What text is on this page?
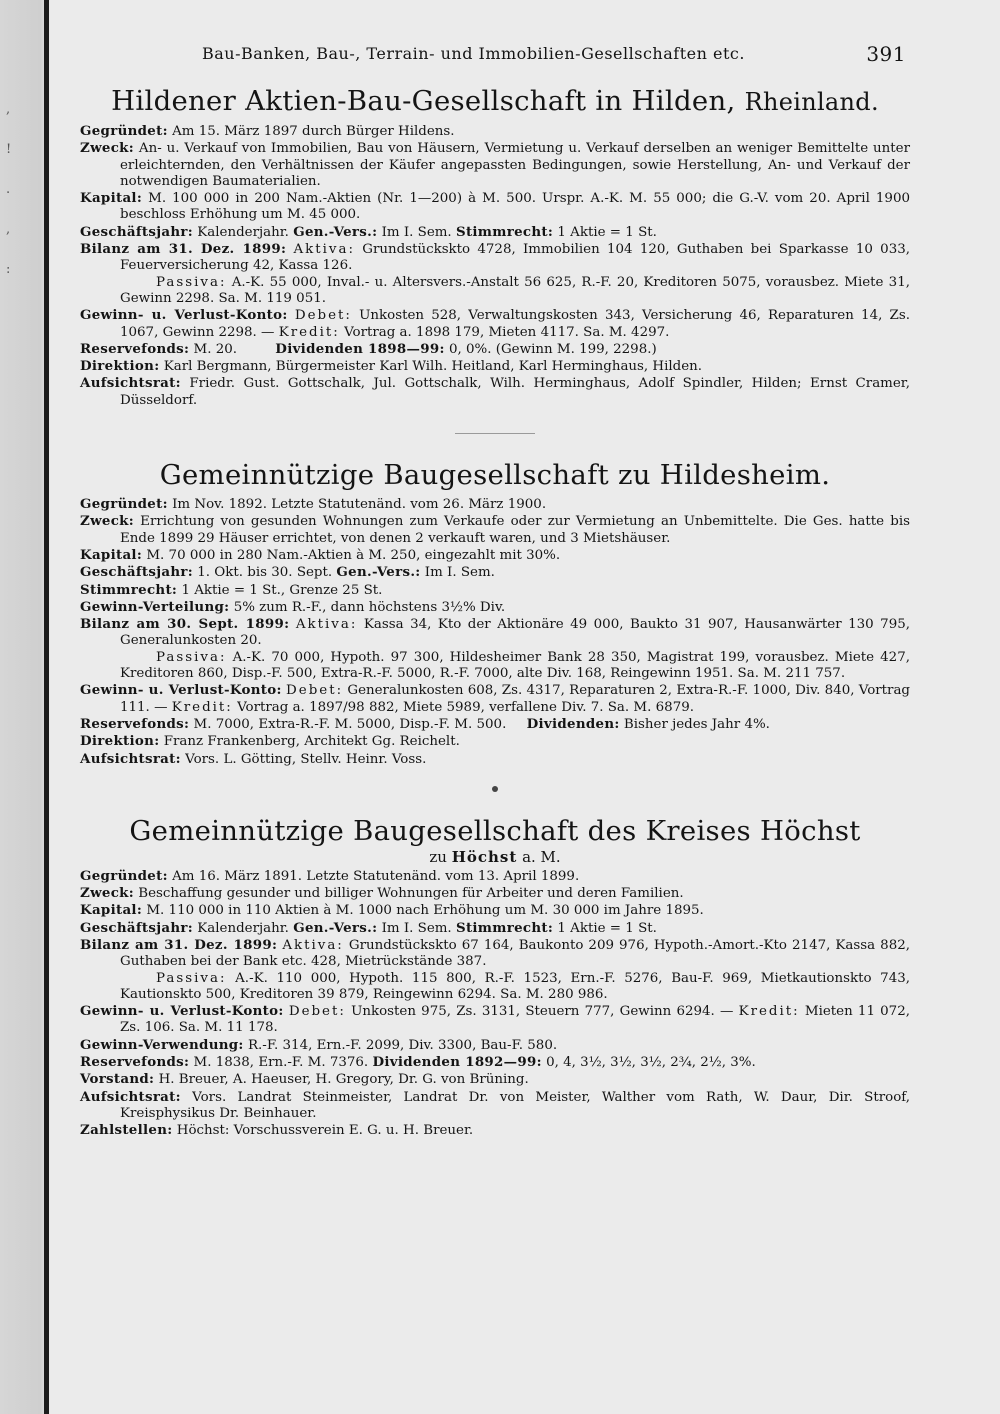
,
!
.
,
:
Bau-Banken, Bau-, Terrain- und Immobilien-Gesellschaften etc.	391
Hildener Aktien-Bau-Gesellschaft in Hilden, Rheinland.
Gegründet: Am 15. März 1897 durch Bürger Hildens.
Zweck: An- u. Verkauf von Immobilien, Bau von Häusern, Vermietung u. Verkauf derselben an weniger Bemittelte unter erleichternden, den Verhältnissen der Käufer angepassten Bedingungen, sowie Herstellung, An- und Verkauf der notwendigen Baumaterialien.
Kapital: M. 100 000 in 200 Nam.-Aktien (Nr. 1—200) à M. 500. Urspr. A.-K. M. 55 000; die G.-V. vom 20. April 1900 beschloss Erhöhung um M. 45 000.
Geschäftsjahr: Kalenderjahr. Gen.-Vers.: Im I. Sem. Stimmrecht: 1 Aktie = 1 St.
Bilanz am 31. Dez. 1899: Aktiva: Grundstückskto 4728, Immobilien 104 120, Guthaben bei Sparkasse 10 033, Feuerversicherung 42, Kassa 126.
Passiva: A.-K. 55 000, Inval.- u. Altersvers.-Anstalt 56 625, R.-F. 20, Kreditoren 5075, vorausbez. Miete 31, Gewinn 2298. Sa. M. 119 051.
Gewinn- u. Verlust-Konto: Debet: Unkosten 528, Verwaltungskosten 343, Versicherung 46, Reparaturen 14, Zs. 1067, Gewinn 2298. — Kredit: Vortrag a. 1898 179, Mieten 4117. Sa. M. 4297.
Reservefonds: M. 20.	Dividenden 1898—99: 0, 0%. (Gewinn M. 199, 2298.)
Direktion: Karl Bergmann, Bürgermeister Karl Wilh. Heitland, Karl Herminghaus, Hilden.
Aufsichtsrat: Friedr. Gust. Gottschalk, Jul. Gottschalk, Wilh. Herminghaus, Adolf Spindler, Hilden; Ernst Cramer, Düsseldorf.
Gemeinnützige Baugesellschaft zu Hildesheim.
Gegründet: Im Nov. 1892. Letzte Statutenänd. vom 26. März 1900.
Zweck: Errichtung von gesunden Wohnungen zum Verkaufe oder zur Vermietung an Unbemittelte. Die Ges. hatte bis Ende 1899 29 Häuser errichtet, von denen 2 verkauft waren, und 3 Mietshäuser.
Kapital: M. 70 000 in 280 Nam.-Aktien à M. 250, eingezahlt mit 30%.
Geschäftsjahr: 1. Okt. bis 30. Sept. Gen.-Vers.: Im I. Sem.
Stimmrecht: 1 Aktie = 1 St., Grenze 25 St.
Gewinn-Verteilung: 5% zum R.-F., dann höchstens 3½% Div.
Bilanz am 30. Sept. 1899: Aktiva: Kassa 34, Kto der Aktionäre 49 000, Baukto 31 907, Hausanwärter 130 795, Generalunkosten 20.
Passiva: A.-K. 70 000, Hypoth. 97 300, Hildesheimer Bank 28 350, Magistrat 199, vorausbez. Miete 427, Kreditoren 860, Disp.-F. 500, Extra-R.-F. 5000, R.-F. 7000, alte Div. 168, Reingewinn 1951. Sa. M. 211 757.
Gewinn- u. Verlust-Konto: Debet: Generalunkosten 608, Zs. 4317, Reparaturen 2, Extra-R.-F. 1000, Div. 840, Vortrag 111. — Kredit: Vortrag a. 1897/98 882, Miete 5989, verfallene Div. 7. Sa. M. 6879.
Reservefonds: M. 7000, Extra-R.-F. M. 5000, Disp.-F. M. 500. Dividenden: Bisher jedes Jahr 4%.
Direktion: Franz Frankenberg, Architekt Gg. Reichelt.
Aufsichtsrat: Vors. L. Götting, Stellv. Heinr. Voss.
Gemeinnützige Baugesellschaft des Kreises Höchst
zu Höchst a. M.
Gegründet: Am 16. März 1891. Letzte Statutenänd. vom 13. April 1899.
Zweck: Beschaffung gesunder und billiger Wohnungen für Arbeiter und deren Familien.
Kapital: M. 110 000 in 110 Aktien à M. 1000 nach Erhöhung um M. 30 000 im Jahre 1895.
Geschäftsjahr: Kalenderjahr. Gen.-Vers.: Im I. Sem. Stimmrecht: 1 Aktie = 1 St.
Bilanz am 31. Dez. 1899: Aktiva: Grundstückskto 67 164, Baukonto 209 976, Hypoth.-Amort.-Kto 2147, Kassa 882, Guthaben bei der Bank etc. 428, Mietrückstände 387.
Passiva: A.-K. 110 000, Hypoth. 115 800, R.-F. 1523, Ern.-F. 5276, Bau-F. 969, Mietkautionskto 743, Kautionskto 500, Kreditoren 39 879, Reingewinn 6294. Sa. M. 280 986.
Gewinn- u. Verlust-Konto: Debet: Unkosten 975, Zs. 3131, Steuern 777, Gewinn 6294. — Kredit: Mieten 11 072, Zs. 106. Sa. M. 11 178.
Gewinn-Verwendung: R.-F. 314, Ern.-F. 2099, Div. 3300, Bau-F. 580.
Reservefonds: M. 1838, Ern.-F. M. 7376. Dividenden 1892—99: 0, 4, 3½, 3½, 3½, 2¾, 2½, 3%.
Vorstand: H. Breuer, A. Haeuser, H. Gregory, Dr. G. von Brüning.
Aufsichtsrat: Vors. Landrat Steinmeister, Landrat Dr. von Meister, Walther vom Rath, W. Daur, Dir. Stroof, Kreisphysikus Dr. Beinhauer.
Zahlstellen: Höchst: Vorschussverein E. G. u. H. Breuer.
